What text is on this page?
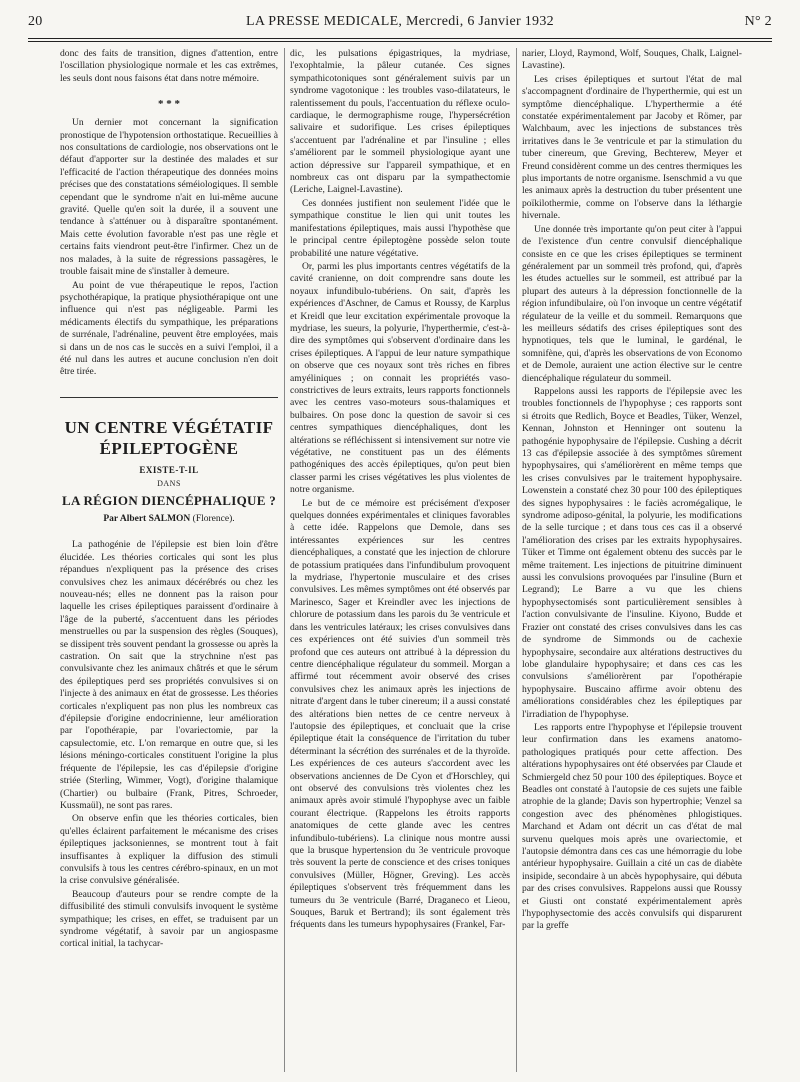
20	LA PRESSE MEDICALE, Mercredi, 6 Janvier 1932	N° 2

donc des faits de transition, dignes d'attention, entre l'oscillation physiologique normale et les cas extrêmes, les seuls dont nous faisons état dans notre mémoire.

* * *

Un dernier mot concernant la signification pronostique de l'hypotension orthostatique. Recueillies à nos consultations de cardiologie, nos observations ont le défaut d'apporter sur la destinée des malades et sur l'efficacité de l'action thérapeutique des données moins précises que des constatations séméiologiques. Il semble cependant que le syndrome n'ait en lui-même aucune gravité. Quelle qu'en soit la durée, il a souvent une tendance à s'atténuer ou à disparaître spontanément. Mais cette évolution favorable n'est pas une règle et certains faits viendront peut-être l'infirmer. Chez un de nos malades, à la suite de régressions passagères, le trouble faisait mine de s'installer à demeure.

Au point de vue thérapeutique le repos, l'action psychothérapique, la pratique physiothérapique ont une influence qui n'est pas négligeable. Parmi les médicaments électifs du sympathique, les préparations de surrénale, l'adrénaline, peuvent être employées, mais si dans un de nos cas le succès en a suivi l'emploi, il a été nul dans les autres et aucune conclusion n'en doit être tirée.

UN CENTRE VÉGÉTATIF
ÉPILEPTOGÈNE
EXISTE-T-IL
DANS
LA RÉGION DIENCÉPHALIQUE ?
Par Albert SALMON (Florence).

La pathogénie de l'épilepsie est bien loin d'être élucidée. Les théories corticales qui sont les plus répandues n'expliquent pas la présence des crises convulsives chez les animaux décérébrés ou chez les nouveau-nés; elles ne donnent pas la raison pour laquelle les crises épileptiques paraissent d'ordinaire à l'âge de la puberté, s'accentuent dans les périodes menstruelles ou par la suspension des règles (Souques), se dissipent très souvent pendant la grossesse ou après la castration. On sait que la strychnine n'est pas convulsivante chez les animaux châtrés et que le sérum des épileptiques perd ses propriétés convulsives si on l'injecte à des animaux en état de grossesse. Les théories corticales n'expliquent pas non plus les nombreux cas d'épilepsie d'origine endocrinienne, leur amélioration par l'opothérapie, par l'ovariectomie, par la capsulectomie, etc. L'on remarque en outre que, si les lésions méningo-corticales constituent l'origine la plus fréquente de l'épilepsie, les cas d'épilepsie d'origine striée (Sterling, Wimmer, Vogt), d'origine thalamique (Chartier) ou bulbaire (Frank, Pitres, Schroeder, Kussmaül), ne sont pas rares.

On observe enfin que les théories corticales, bien qu'elles éclairent parfaitement le mécanisme des crises épileptiques jacksoniennes, se montrent tout à fait insuffisantes à expliquer la diffusion des stimuli convulsifs à tous les centres cérébro-spinaux, en un mot la crise convulsive généralisée.

Beaucoup d'auteurs pour se rendre compte de la diffusibilité des stimuli convulsifs invoquent le système sympathique; les crises, en effet, se traduisent par un syndrome végétatif, à savoir par un angiospasme cortical initial, la tachycar-

dic, les pulsations épigastriques, la mydriase, l'exophtalmie, la pâleur cutanée. Ces signes sympathicotoniques sont généralement suivis par un syndrome vagotonique : les troubles vaso-dilatateurs, le ralentissement du pouls, l'accentuation du réflexe oculo-cardiaque, le dermographisme rouge, l'hypersécrétion salivaire et sudorifique. Les crises épileptiques s'accentuent par l'adrénaline et par l'insuline ; elles s'améliorent par le sommeil physiologique ayant une action dépressive sur l'appareil sympathique, et en nombreux cas ont disparu par la sympathectomie (Leriche, Laignel-Lavastine).

Ces données justifient non seulement l'idée que le sympathique constitue le lien qui unit toutes les manifestations épileptiques, mais aussi l'hypothèse que le principal centre épileptogène possède selon toute probabilité une nature végétative.

Or, parmi les plus importants centres végétatifs de la cavité cranienne, on doit comprendre sans doute les noyaux infundibulo-tubériens. On sait, d'après les expériences d'Aschner, de Camus et Roussy, de Karplus et Kreidl que leur excitation expérimentale provoque la mydriase, les sueurs, la polyurie, l'hyperthermie, c'est-à-dire des symptômes qui s'observent d'ordinaire dans les crises épileptiques. A l'appui de leur nature sympathique on observe que ces noyaux sont très riches en fibres amyéliniques ; on connait les propriétés vaso-constrictives de leurs extraits, leurs rapports fonctionnels avec les centres vaso-moteurs sous-thalamiques et bulbaires. On pose donc la question de savoir si ces centres sympathiques diencéphaliques, dont les altérations se réfléchissent si intensivement sur notre vie végétative, ne constituent pas un des éléments pathogéniques des accès épileptiques, qu'on peut bien classer parmi les crises végétatives les plus violentes de notre organisme.

Le but de ce mémoire est précisément d'exposer quelques données expérimentales et cliniques favorables à cette idée. Rappelons que Demole, dans ses intéressantes expériences sur les centres diencéphaliques, a constaté que les injection de chlorure de potassium pratiquées dans l'infundibulum provoquent la mydriase, l'hypertonie musculaire et des crises convulsives. Les mêmes symptômes ont été observés par Marinesco, Sager et Kreindler avec les injections de chlorure de potassium dans les parois du 3e ventricule et dans les ventricules latéraux; les crises convulsives dans ces expériences ont été suivies d'un sommeil très profond que ces auteurs ont attribué à la dépression du centre diencéphalique régulateur du sommeil. Morgan a affirmé tout récemment avoir observé des crises convulsives chez les animaux après les injections de nitrate d'argent dans le tuber cinereum; il a aussi constaté des altérations bien nettes de ce centre nerveux à l'autopsie des épileptiques, et concluait que la crise épileptique était la conséquence de l'irritation du tuber déterminant la sécrétion des surrénales et de la thyroïde. Les expériences de ces auteurs s'accordent avec les observations anciennes de De Cyon et d'Horschley, qui ont observé des convulsions très violentes chez les animaux après avoir stimulé l'hypophyse avec un faible courant électrique. (Rappelons les étroits rapports anatomiques de cette glande avec les centres infundibulo-tubériens). La clinique nous montre aussi que la brusque hypertension du 3e ventricule provoque très souvent la perte de conscience et des crises toniques convulsives (Müller, Högner, Greving). Les accès épileptiques s'observent très fréquemment dans les tumeurs du 3e ventricule (Barré, Draganeco et Lieou, Souques, Baruk et Bertrand); ils sont également très fréquents dans les tumeurs hypophysaires (Frankel, Far-

narier, Lloyd, Raymond, Wolf, Souques, Chalk, Laignel-Lavastine).

Les crises épileptiques et surtout l'état de mal s'accompagnent d'ordinaire de l'hyperthermie, qui est un symptôme diencéphalique. L'hyperthermie a été constatée expérimentalement par Jacoby et Römer, par Walchbaum, avec les injections de substances très irritatives dans le 3e ventricule et par la stimulation du tuber cinereum, que Greving, Bechterew, Meyer et Freund considèrent comme un des centres thermiques les plus importants de notre organisme. Isenschmid a vu que les animaux après la destruction du tuber présentent une poïkilothermie, comme on l'observe dans la léthargie hivernale.

Une donnée très importante qu'on peut citer à l'appui de l'existence d'un centre convulsif diencéphalique consiste en ce que les crises épileptiques se terminent généralement par un sommeil très profond, qui, d'après les études actuelles sur le sommeil, est attribué par la plupart des auteurs à la dépression fonctionnelle de la région infundibulaire, où l'on invoque un centre végétatif régulateur de la veille et du sommeil. Remarquons que les meilleurs sédatifs des crises épileptiques sont des hypnotiques, tels que le luminal, le gardénal, le somnifène, qui, d'après les observations de von Economo et de Demole, auraient une action élective sur le centre diencéphalique régulateur du sommeil.

Rappelons aussi les rapports de l'épilepsie avec les troubles fonctionnels de l'hypophyse ; ces rapports sont si étroits que Redlich, Boyce et Beadles, Tüker, Wenzel, Kennan, Johnston et Henninger ont soutenu la pathogénie hypophysaire de l'épilepsie. Cushing a décrit 13 cas d'épilepsie associée à des symptômes sûrement hypophysaires, qui s'améliorèrent en même temps que les crises convulsives par le traitement hypophysaire. Lowenstein a constaté chez 30 pour 100 des épileptiques des signes hypophysaires : le faciès acromégalique, le syndrome adiposo-génital, la polyurie, les modifications de la selle turcique ; et dans tous ces cas il a observé l'amélioration des crises par les extraits hypophysaires. Tüker et Timme ont également obtenu des succès par le même traitement. Les injections de pituitrine diminuent aussi les convulsions provoquées par l'insuline (Burn et Legrand); Le Barre a vu que les chiens hypophysectomisés sont particulièrement sensibles à l'action convulsivante de l'insuline. Kiyono, Budde et Frazier ont constaté des crises convulsives dans les cas de syndrome de Simmonds ou de cachexie hypophysaire, secondaire aux altérations destructives du lobe glandulaire hypophysaire; et dans ces cas les convulsions s'améliorèrent par l'opothérapie hypophysaire. Buscaino affirme avoir obtenu des améliorations considérables chez les épileptiques par l'irradiation de l'hypophyse.

Les rapports entre l'hypophyse et l'épilepsie trouvent leur confirmation dans les examens anatomo-pathologiques pratiqués pour cette affection. Des altérations hypophysaires ont été observées par Claude et Schmiergeld chez 50 pour 100 des épileptiques. Boyce et Beadles ont constaté à l'autopsie de ces sujets une faible atrophie de la glande; Davis son hypertrophie; Venzel sa congestion avec des phénomènes phlogistiques. Marchand et Adam ont décrit un cas d'état de mal survenu quelques mois après une ovariectomie, et l'autopsie démontra dans ces cas une hémorragie du lobe antérieur hypophysaire. Guillain a cité un cas de diabète insipide, secondaire à un abcès hypophysaire, qui débuta par des crises convulsives. Rappelons aussi que Roussy et Giusti ont constaté expérimentalement après l'hypophysectomie des accès convulsifs qui disparurent par la greffe
